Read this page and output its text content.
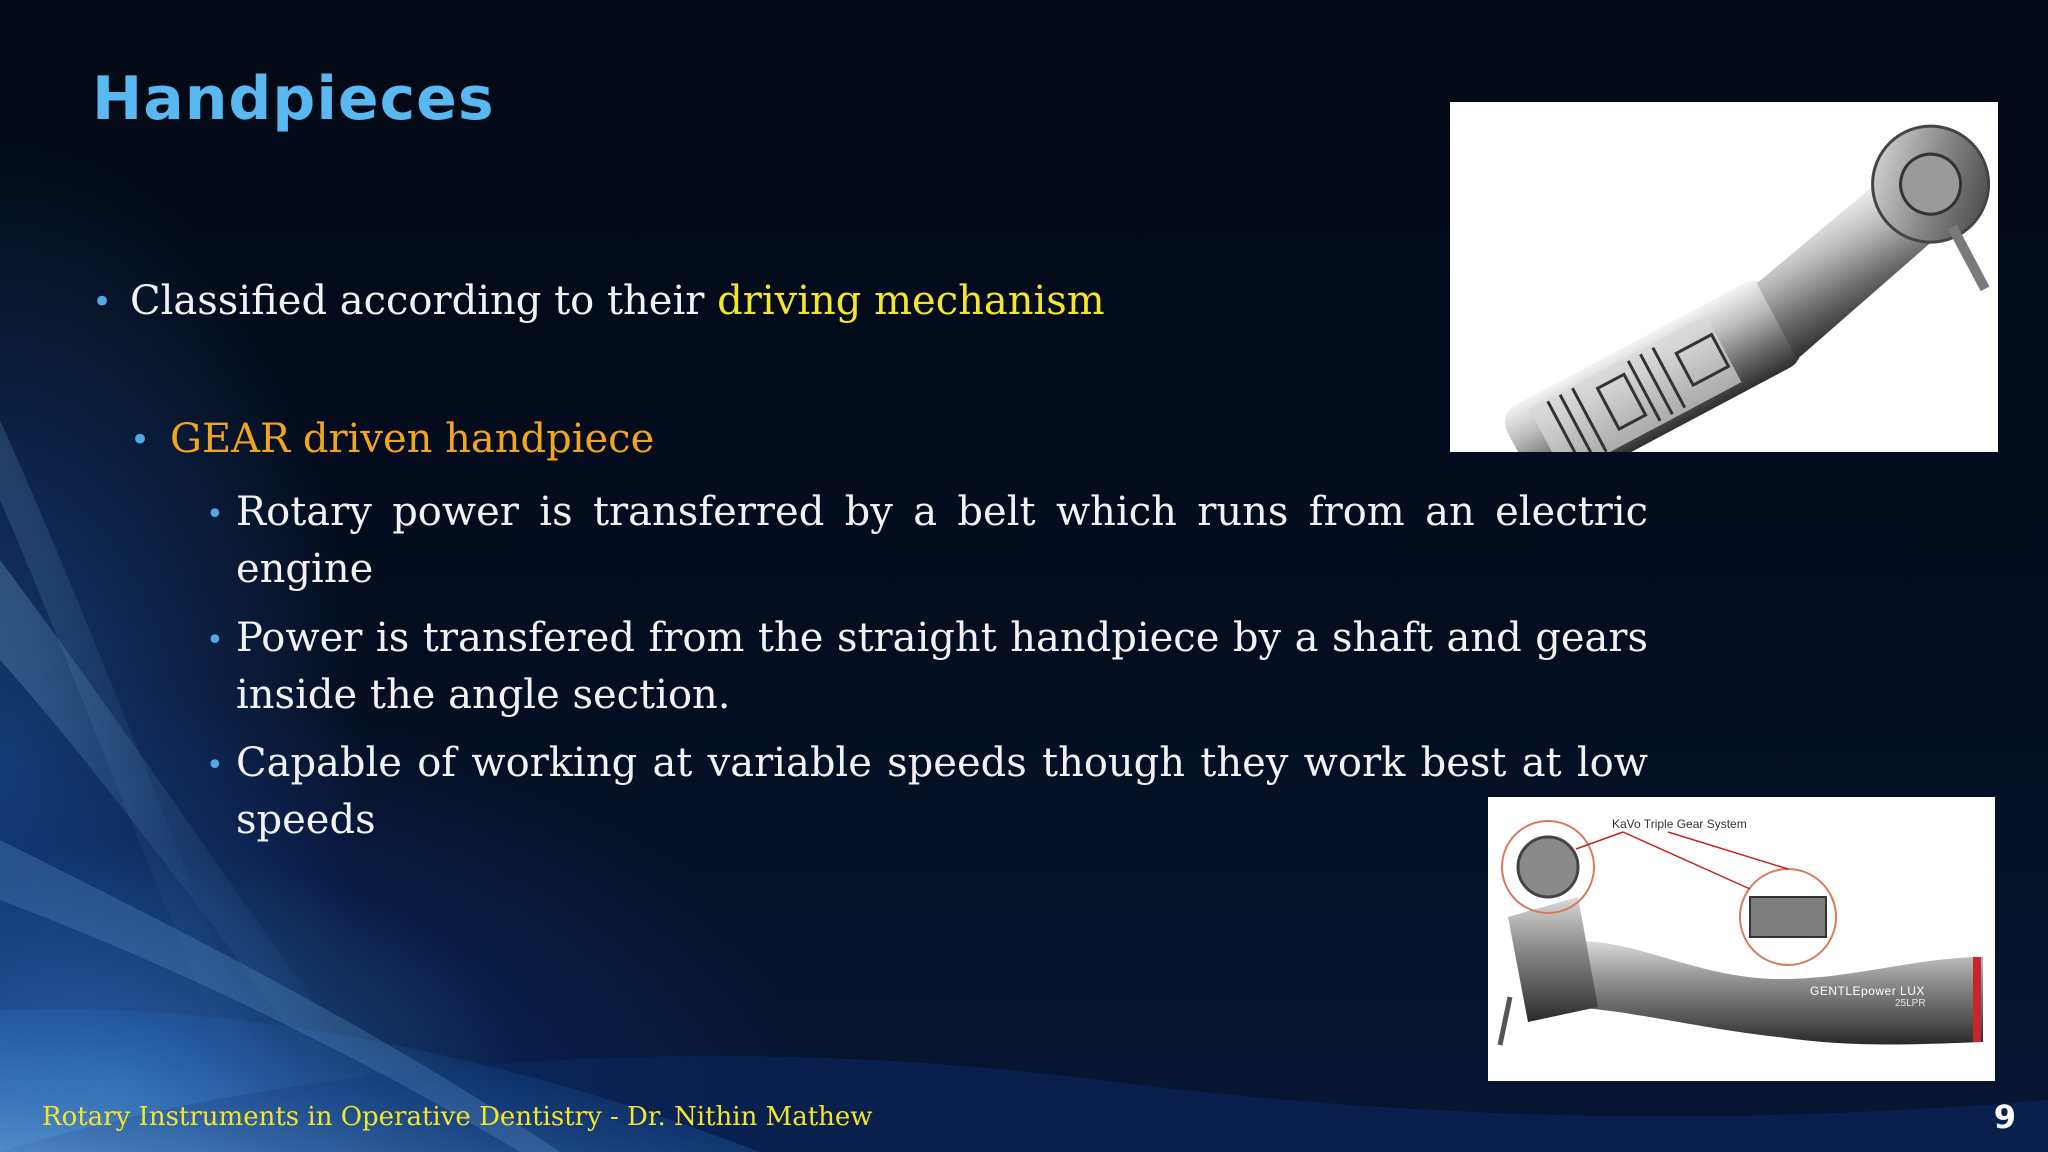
Handpieces
• Classified according to their driving mechanism
• GEAR driven handpiece
• Rotary power is transferred by a belt which runs from an electric engine
• Power is transfered from the straight handpiece by a shaft and gears inside the angle section.
• Capable of working at variable speeds though they work best at low speeds	KaVo Triple Gear System
GENTLEpower LUX
25LPR
Rotary Instruments in Operative Dentistry - Dr. Nithin Mathew	9
